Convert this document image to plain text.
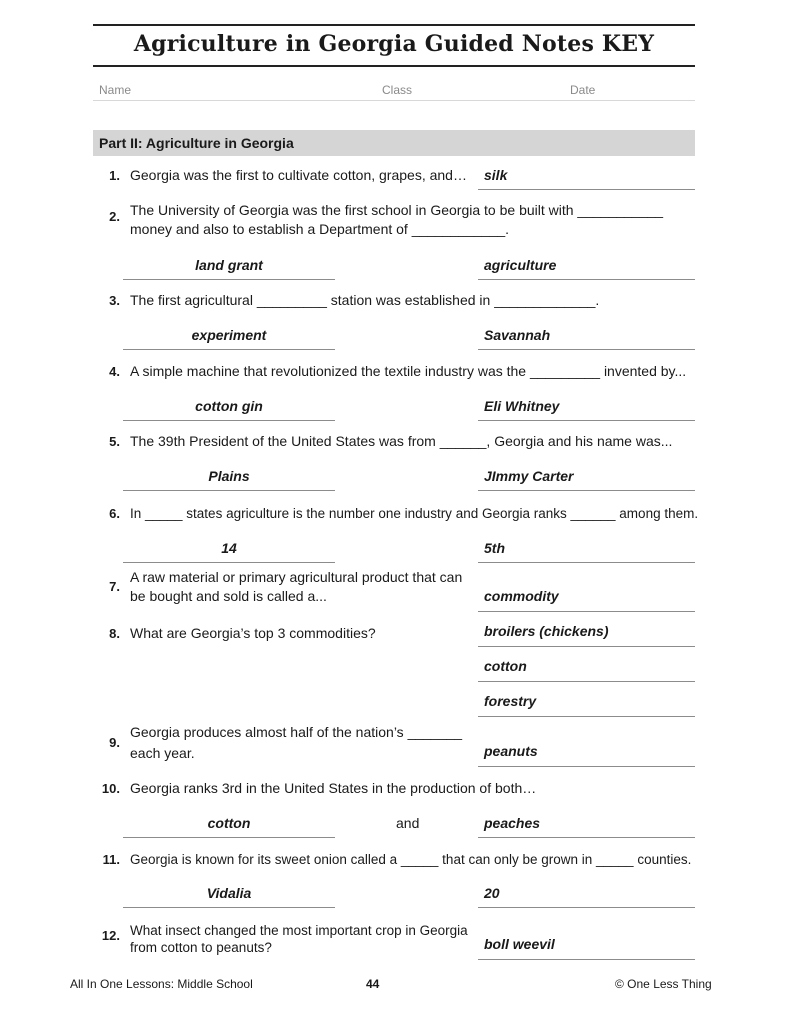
Agriculture in Georgia Guided Notes KEY
Name	Class	Date
Part II: Agriculture in Georgia
1. Georgia was the first to cultivate cotton, grapes, and… silk
2. The University of Georgia was the first school in Georgia to be built with ___________
money and also to establish a Department of ____________.
land grant	agriculture
3. The first agricultural _________ station was established in _____________.
experiment	Savannah
4. A simple machine that revolutionized the textile industry was the _________ invented by...
cotton gin	Eli Whitney
5. The 39th President of the United States was from ______, Georgia and his name was...
Plains	JImmy Carter
6. In _____ states agriculture is the number one industry and Georgia ranks ______ among them.
14	5th
7.
A raw material or primary agricultural product that can
be bought and sold is called a...	commodity
8. What are Georgia’s top 3 commodities?	broilers (chickens)
cotton
forestry
9.
Georgia produces almost half of the nation’s _______
each year.	peanuts
10. Georgia ranks 3rd in the United States in the production of both…
cotton	and	peaches
11. Georgia is known for its sweet onion called a _____ that can only be grown in _____ counties.
Vidalia	20
12. What insect changed the most important crop in Georgia
from cotton to peanuts?	boll weevil
All In One Lessons: Middle School	44	© One Less Thing
